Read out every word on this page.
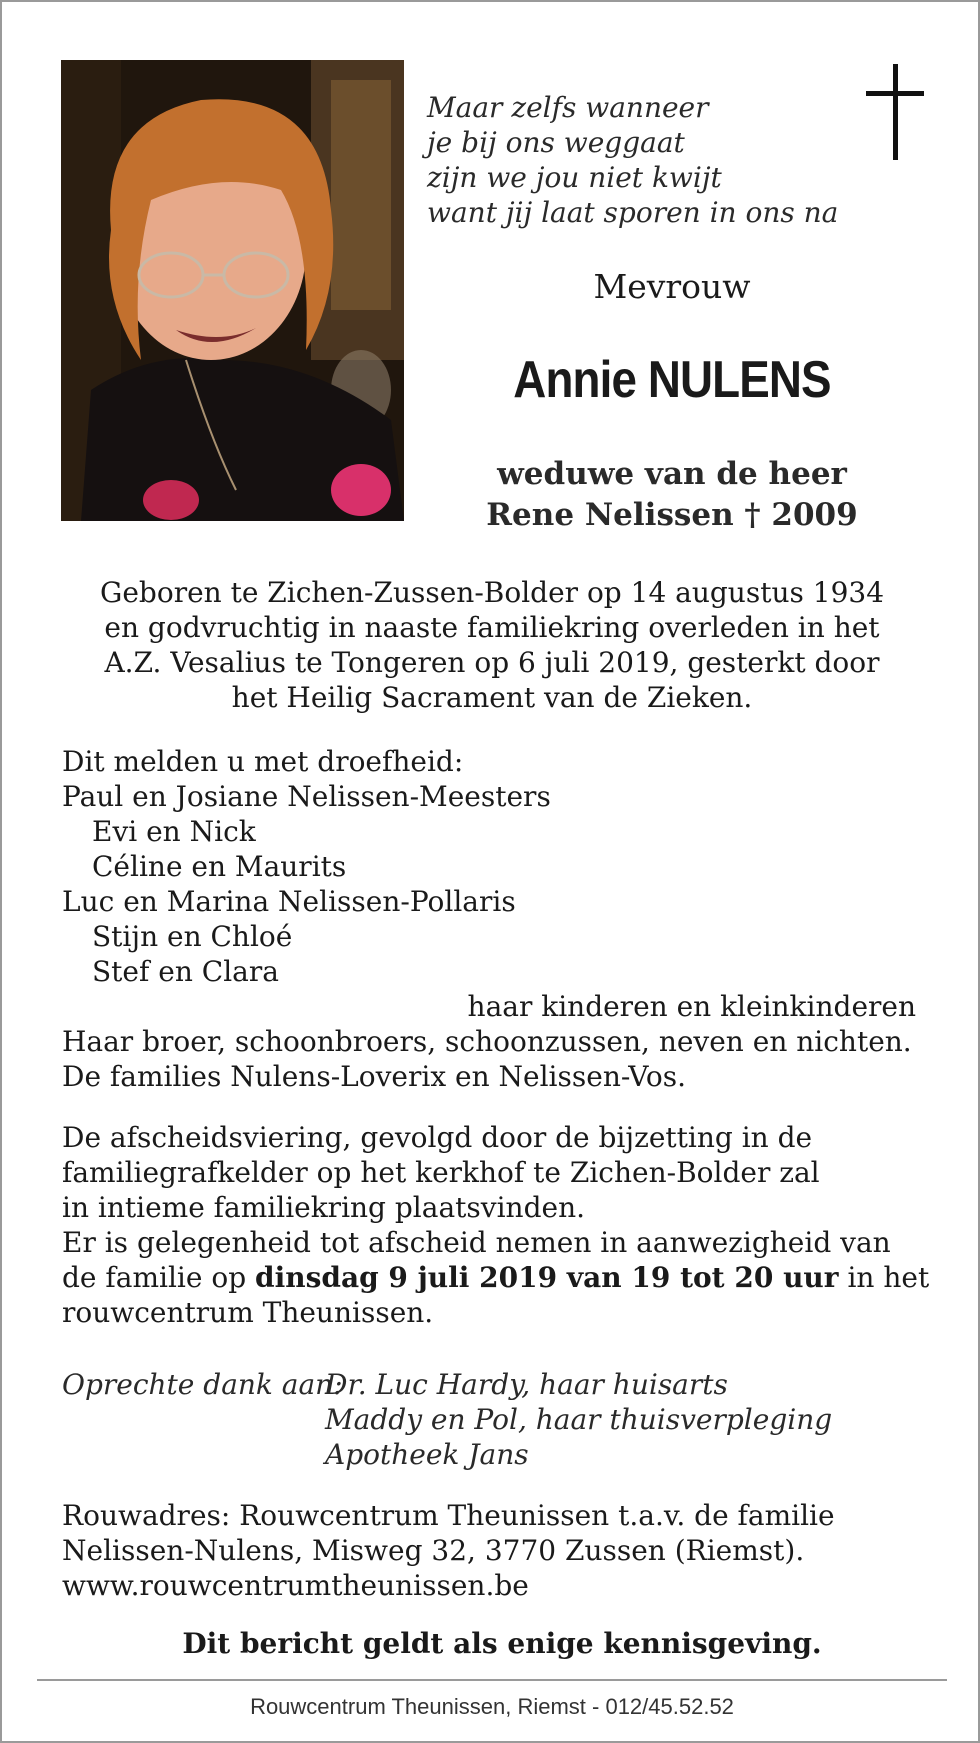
Maar zelfs wanneer
je bij ons weggaat
zijn we jou niet kwijt
want jij laat sporen in ons na
Mevrouw
Annie NULENS
weduwe van de heer
Rene Nelissen † 2009
Geboren te Zichen-Zussen-Bolder op 14 augustus 1934
en godvruchtig in naaste familiekring overleden in het
A.Z. Vesalius te Tongeren op 6 juli 2019, gesterkt door
het Heilig Sacrament van de Zieken.
Dit melden u met droefheid:
Paul en Josiane Nelissen-Meesters
Evi en Nick
Céline en Maurits
Luc en Marina Nelissen-Pollaris
Stijn en Chloé
Stef en Clara
haar kinderen en kleinkinderen
Haar broer, schoonbroers, schoonzussen, neven en nichten.
De families Nulens-Loverix en Nelissen-Vos.
De afscheidsviering, gevolgd door de bijzetting in de
familiegrafkelder op het kerkhof te Zichen-Bolder zal
in intieme familiekring plaatsvinden.
Er is gelegenheid tot afscheid nemen in aanwezigheid van
de familie op dinsdag 9 juli 2019 van 19 tot 20 uur in het
rouwcentrum Theunissen.
Oprechte dank aan:
Dr. Luc Hardy, haar huisarts
Maddy en Pol, haar thuisverpleging
Apotheek Jans
Rouwadres: Rouwcentrum Theunissen t.a.v. de familie
Nelissen-Nulens, Misweg 32, 3770 Zussen (Riemst).
www.rouwcentrumtheunissen.be
Dit bericht geldt als enige kennisgeving.
Rouwcentrum Theunissen, Riemst - 012/45.52.52
